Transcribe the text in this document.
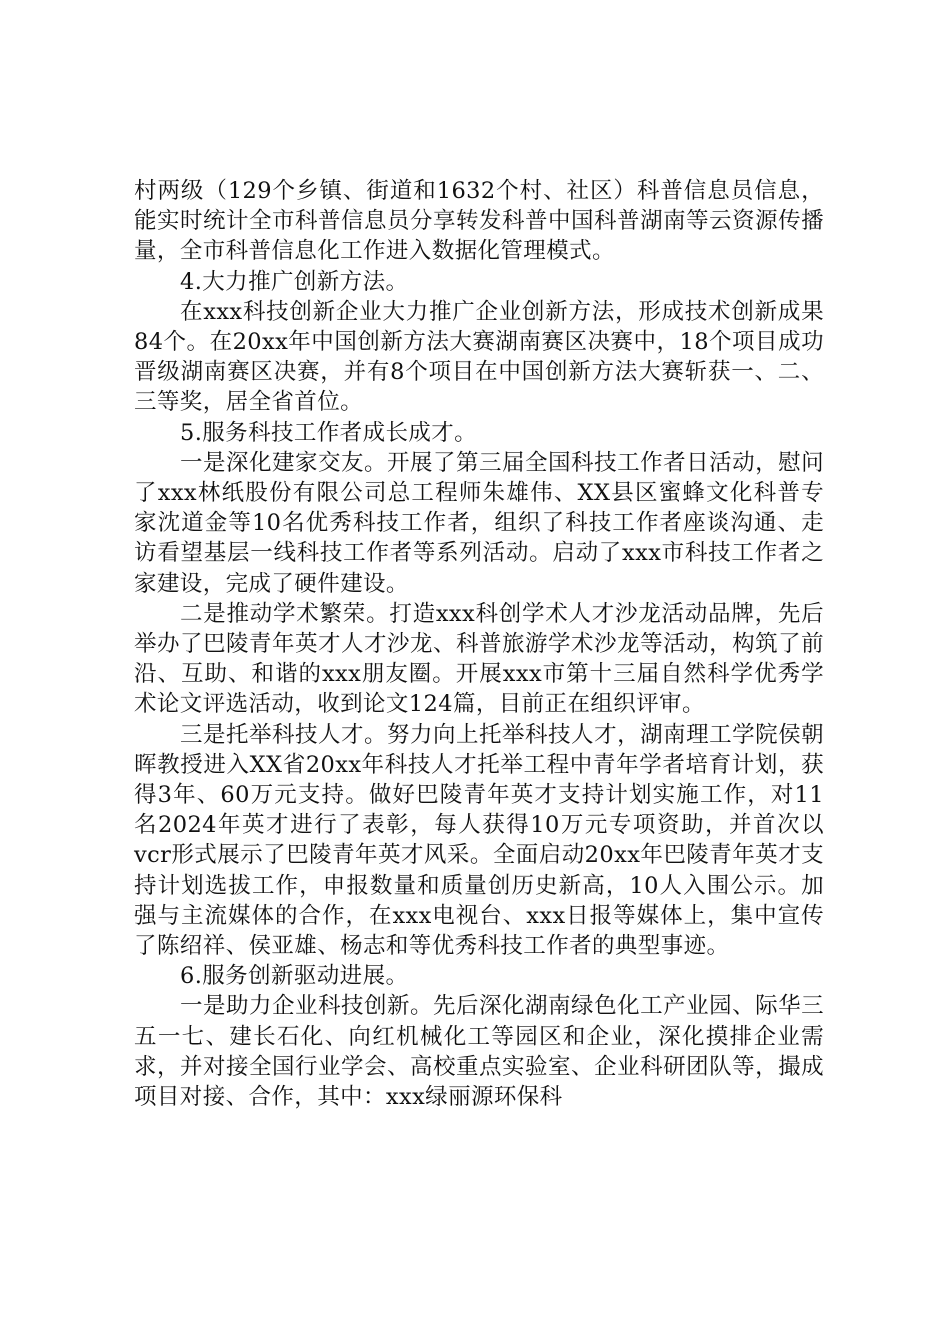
村两级（129个乡镇、街道和1632个村、社区）科普信息员信息，能实时统计全市科普信息员分享转发科普中国科普湖南等云资源传播量，全市科普信息化工作进入数据化管理模式。

4.大力推广创新方法。

在xxx科技创新企业大力推广企业创新方法，形成技术创新成果84个。在20xx年中国创新方法大赛湖南赛区决赛中，18个项目成功晋级湖南赛区决赛，并有8个项目在中国创新方法大赛斩获一、二、三等奖，居全省首位。

5.服务科技工作者成长成才。

一是深化建家交友。开展了第三届全国科技工作者日活动，慰问了xxx林纸股份有限公司总工程师朱雄伟、XX县区蜜蜂文化科普专家沈道金等10名优秀科技工作者，组织了科技工作者座谈沟通、走访看望基层一线科技工作者等系列活动。启动了xxx市科技工作者之家建设，完成了硬件建设。

二是推动学术繁荣。打造xxx科创学术人才沙龙活动品牌，先后举办了巴陵青年英才人才沙龙、科普旅游学术沙龙等活动，构筑了前沿、互助、和谐的xxx朋友圈。开展xxx市第十三届自然科学优秀学术论文评选活动，收到论文124篇，目前正在组织评审。

三是托举科技人才。努力向上托举科技人才，湖南理工学院侯朝晖教授进入XX省20xx年科技人才托举工程中青年学者培育计划，获得3年、60万元支持。做好巴陵青年英才支持计划实施工作，对11名2024年英才进行了表彰，每人获得10万元专项资助，并首次以vcr形式展示了巴陵青年英才风采。全面启动20xx年巴陵青年英才支持计划选拔工作，申报数量和质量创历史新高，10人入围公示。加强与主流媒体的合作，在xxx电视台、xxx日报等媒体上，集中宣传了陈绍祥、侯亚雄、杨志和等优秀科技工作者的典型事迹。

6.服务创新驱动进展。

一是助力企业科技创新。先后深化湖南绿色化工产业园、际华三五一七、建长石化、向红机械化工等园区和企业，深化摸排企业需求，并对接全国行业学会、高校重点实验室、企业科研团队等，撮成项目对接、合作，其中：xxx绿丽源环保科
